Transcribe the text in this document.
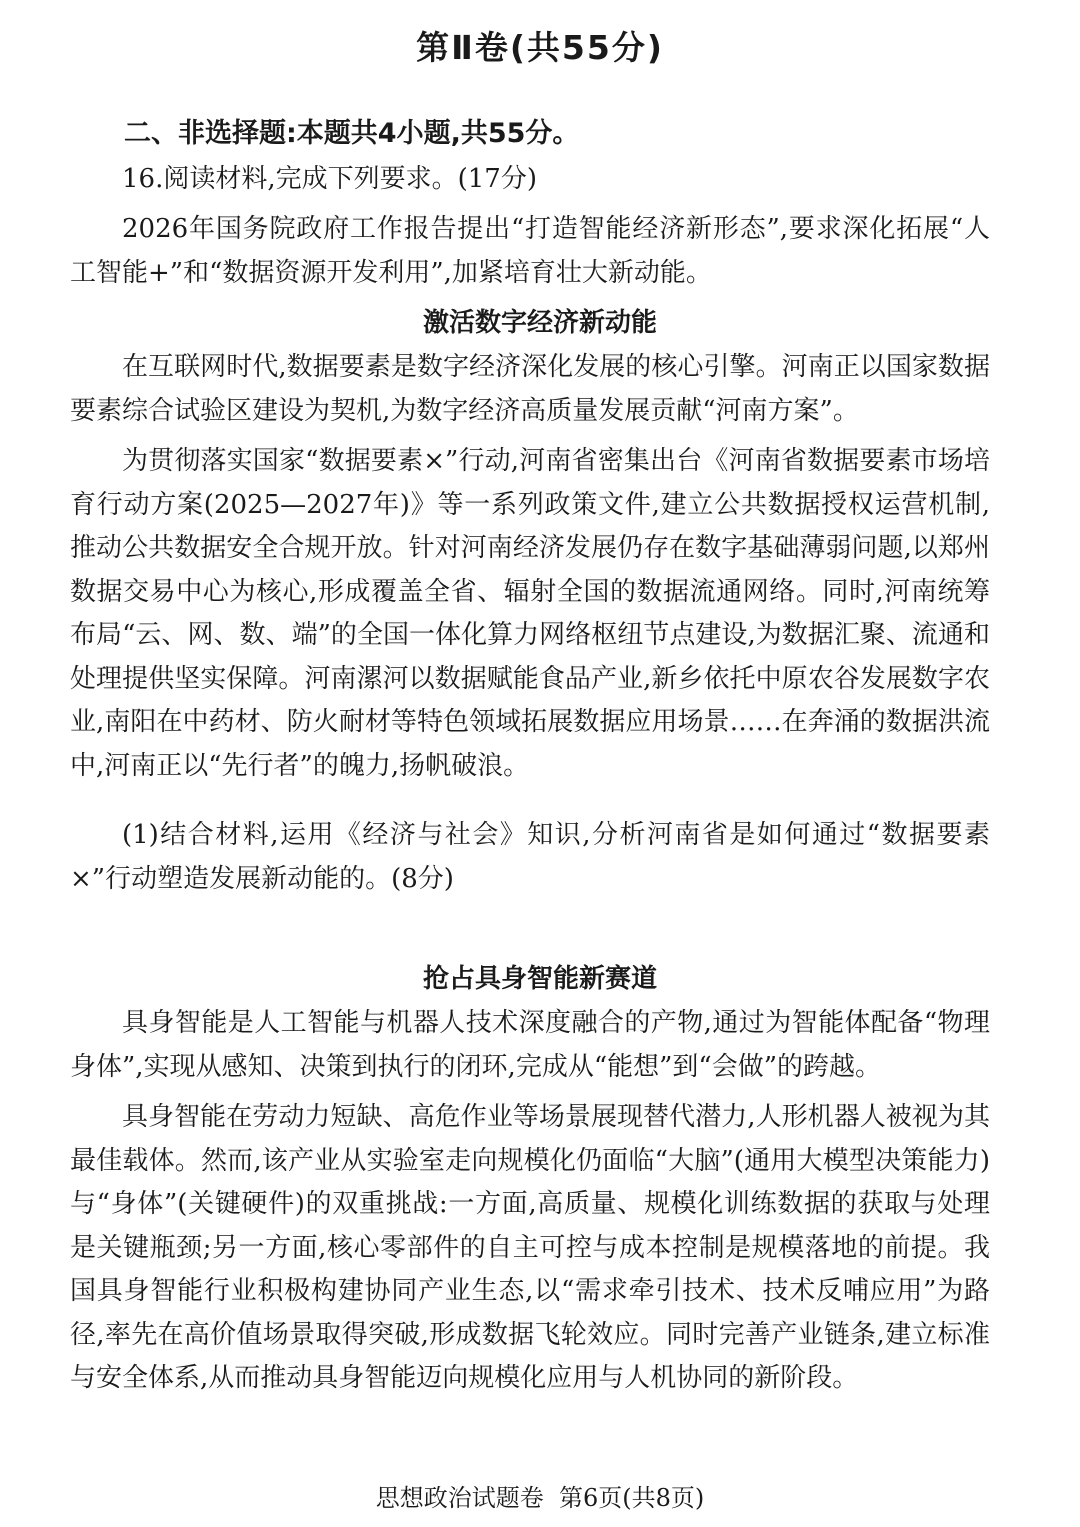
第Ⅱ卷(共55分)
二、非选择题:本题共4小题,共55分。
16.阅读材料,完成下列要求。(17分)
2026年国务院政府工作报告提出“打造智能经济新形态”,要求深化拓展“人工智能+”和“数据资源开发利用”,加紧培育壮大新动能。
激活数字经济新动能
在互联网时代,数据要素是数字经济深化发展的核心引擎。河南正以国家数据要素综合试验区建设为契机,为数字经济高质量发展贡献“河南方案”。
为贯彻落实国家“数据要素×”行动,河南省密集出台《河南省数据要素市场培育行动方案(2025—2027年)》等一系列政策文件,建立公共数据授权运营机制,推动公共数据安全合规开放。针对河南经济发展仍存在数字基础薄弱问题,以郑州数据交易中心为核心,形成覆盖全省、辐射全国的数据流通网络。同时,河南统筹布局“云、网、数、端”的全国一体化算力网络枢纽节点建设,为数据汇聚、流通和处理提供坚实保障。河南漯河以数据赋能食品产业,新乡依托中原农谷发展数字农业,南阳在中药材、防火耐材等特色领域拓展数据应用场景……在奔涌的数据洪流中,河南正以“先行者”的魄力,扬帆破浪。
(1)结合材料,运用《经济与社会》知识,分析河南省是如何通过“数据要素×”行动塑造发展新动能的。(8分)
抢占具身智能新赛道
具身智能是人工智能与机器人技术深度融合的产物,通过为智能体配备“物理身体”,实现从感知、决策到执行的闭环,完成从“能想”到“会做”的跨越。
具身智能在劳动力短缺、高危作业等场景展现替代潜力,人形机器人被视为其最佳载体。然而,该产业从实验室走向规模化仍面临“大脑”(通用大模型决策能力)与“身体”(关键硬件)的双重挑战:一方面,高质量、规模化训练数据的获取与处理是关键瓶颈;另一方面,核心零部件的自主可控与成本控制是规模落地的前提。我国具身智能行业积极构建协同产业生态,以“需求牵引技术、技术反哺应用”为路径,率先在高价值场景取得突破,形成数据飞轮效应。同时完善产业链条,建立标准与安全体系,从而推动具身智能迈向规模化应用与人机协同的新阶段。
思想政治试题卷  第6页(共8页)
